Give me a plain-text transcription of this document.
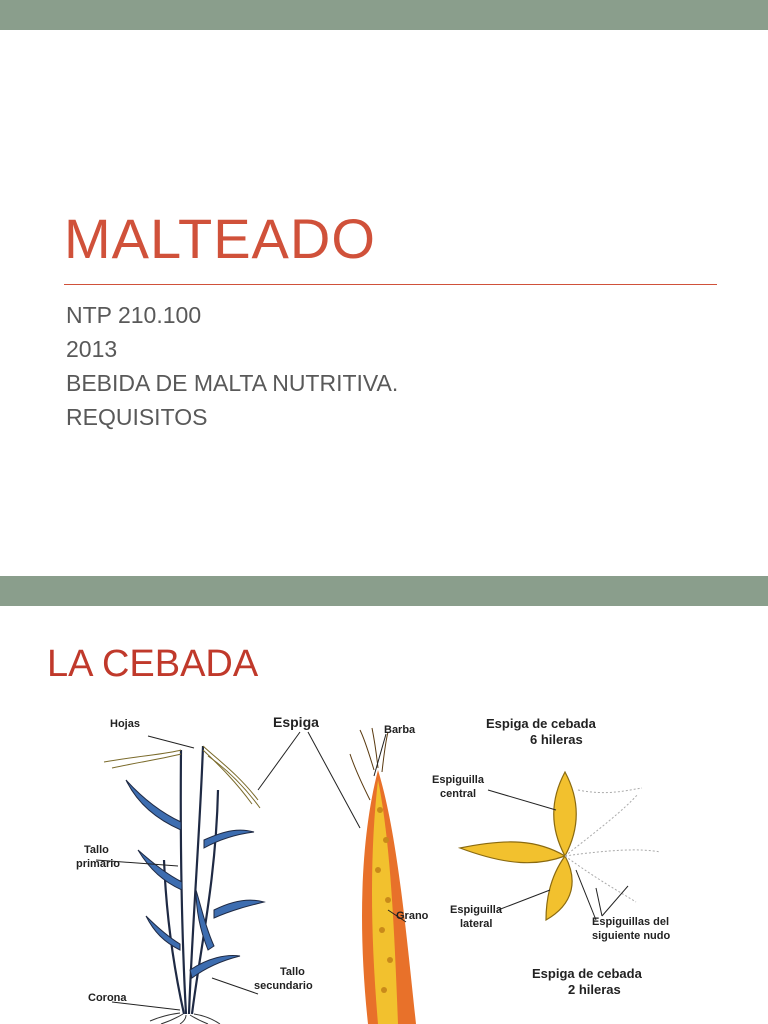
MALTEADO
NTP 210.100
2013
BEBIDA DE MALTA NUTRITIVA.
REQUISITOS
LA CEBADA
Hojas	Espiga	Barba	Espiga de cebada
6 hileras
Espiguilla
central
Tallo
primario
Grano Espiguilla
lateral	Espiguillas del
siguiente nudo
Tallo
secundario
Espiga de cebada
2 hileras
Corona
